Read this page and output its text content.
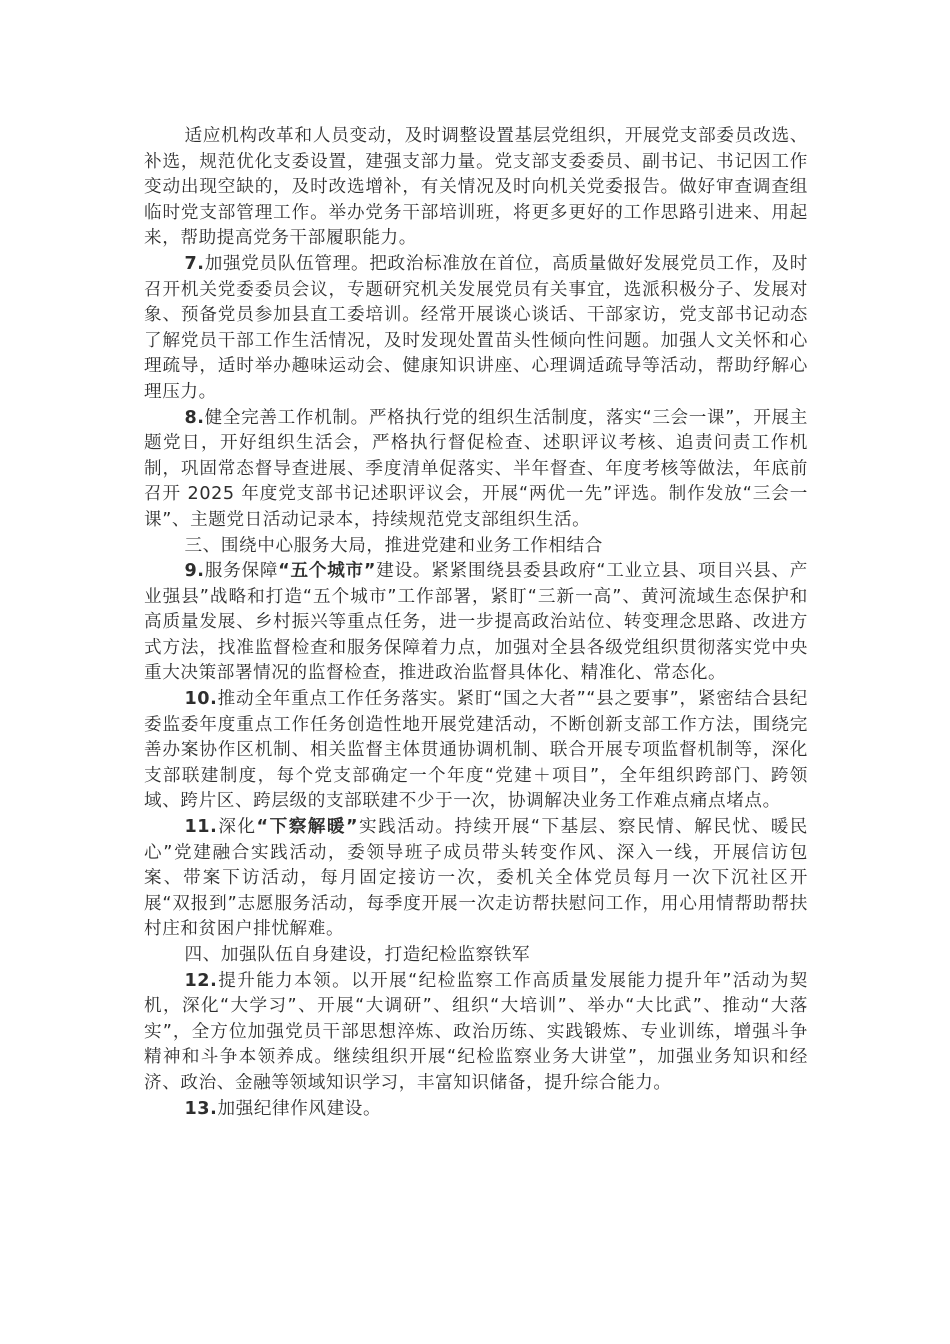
适应机构改革和人员变动，及时调整设置基层党组织，开展党支部委员改选、补选，规范优化支委设置，建强支部力量。党支部支委委员、副书记、书记因工作变动出现空缺的，及时改选增补，有关情况及时向机关党委报告。做好审查调查组临时党支部管理工作。举办党务干部培训班，将更多更好的工作思路引进来、用起来，帮助提高党务干部履职能力。

7.加强党员队伍管理。把政治标准放在首位，高质量做好发展党员工作，及时召开机关党委委员会议，专题研究机关发展党员有关事宜，选派积极分子、发展对象、预备党员参加县直工委培训。经常开展谈心谈话、干部家访，党支部书记动态了解党员干部工作生活情况，及时发现处置苗头性倾向性问题。加强人文关怀和心理疏导，适时举办趣味运动会、健康知识讲座、心理调适疏导等活动，帮助纾解心理压力。

8.健全完善工作机制。严格执行党的组织生活制度，落实“三会一课”，开展主题党日，开好组织生活会，严格执行督促检查、述职评议考核、追责问责工作机制，巩固常态督导查进展、季度清单促落实、半年督查、年度考核等做法，年底前召开 2025 年度党支部书记述职评议会，开展“两优一先”评选。制作发放“三会一课”、主题党日活动记录本，持续规范党支部组织生活。

三、围绕中心服务大局，推进党建和业务工作相结合

9.服务保障“五个城市”建设。紧紧围绕县委县政府“工业立县、项目兴县、产业强县”战略和打造“五个城市”工作部署，紧盯“三新一高”、黄河流域生态保护和高质量发展、乡村振兴等重点任务，进一步提高政治站位、转变理念思路、改进方式方法，找准监督检查和服务保障着力点，加强对全县各级党组织贯彻落实党中央重大决策部署情况的监督检查，推进政治监督具体化、精准化、常态化。

10.推动全年重点工作任务落实。紧盯“国之大者”“县之要事”，紧密结合县纪委监委年度重点工作任务创造性地开展党建活动，不断创新支部工作方法，围绕完善办案协作区机制、相关监督主体贯通协调机制、联合开展专项监督机制等，深化支部联建制度，每个党支部确定一个年度“党建＋项目”，全年组织跨部门、跨领域、跨片区、跨层级的支部联建不少于一次，协调解决业务工作难点痛点堵点。

11.深化“下察解暖”实践活动。持续开展“下基层、察民情、解民忧、暖民心”党建融合实践活动，委领导班子成员带头转变作风、深入一线，开展信访包案、带案下访活动，每月固定接访一次，委机关全体党员每月一次下沉社区开展“双报到”志愿服务活动，每季度开展一次走访帮扶慰问工作，用心用情帮助帮扶村庄和贫困户排忧解难。

四、加强队伍自身建设，打造纪检监察铁军

12.提升能力本领。以开展“纪检监察工作高质量发展能力提升年”活动为契机，深化“大学习”、开展“大调研”、组织“大培训”、举办“大比武”、推动“大落实”，全方位加强党员干部思想淬炼、政治历练、实践锻炼、专业训练，增强斗争精神和斗争本领养成。继续组织开展“纪检监察业务大讲堂”，加强业务知识和经济、政治、金融等领域知识学习，丰富知识储备，提升综合能力。

13.加强纪律作风建设。
